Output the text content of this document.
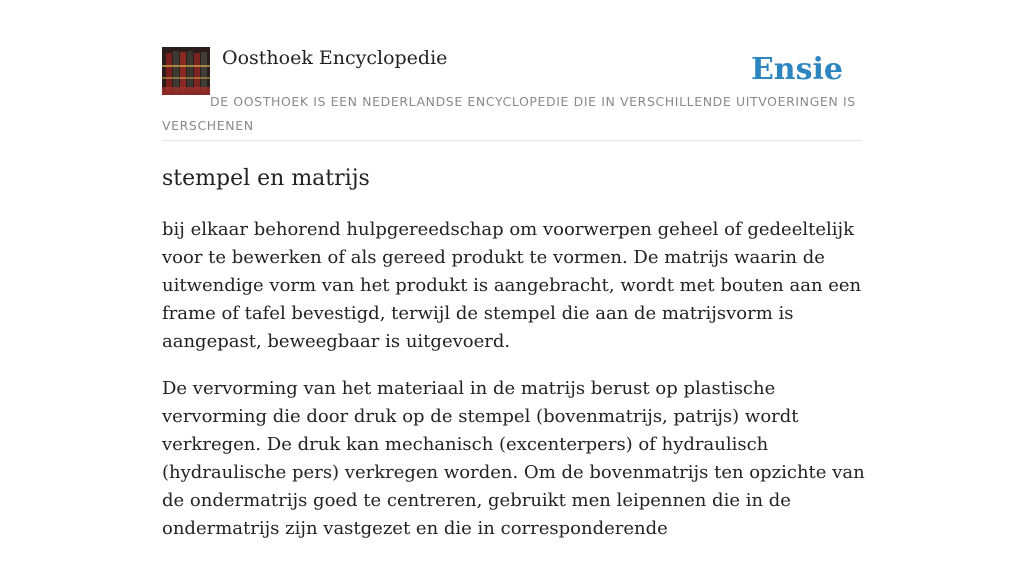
Oosthoek Encyclopedie	Ensie
DE OOSTHOEK IS EEN NEDERLANDSE ENCYCLOPEDIE DIE IN VERSCHILLENDE UITVOERINGEN IS VERSCHENEN
stempel en matrijs

bij elkaar behorend hulpgereedschap om voorwerpen geheel of gedeeltelijk voor te bewerken of als gereed produkt te vormen. De matrijs waarin de uitwendige vorm van het produkt is aangebracht, wordt met bouten aan een frame of tafel bevestigd, terwijl de stempel die aan de matrijsvorm is aangepast, beweegbaar is uitgevoerd.

De vervorming van het materiaal in de matrijs berust op plastische vervorming die door druk op de stempel (bovenmatrijs, patrijs) wordt verkregen. De druk kan mechanisch (excenterpers) of hydraulisch (hydraulische pers) verkregen worden. Om de bovenmatrijs ten opzichte van de ondermatrijs goed te centreren, gebruikt men leipennen die in de ondermatrijs zijn vastgezet en die in corresponderende
